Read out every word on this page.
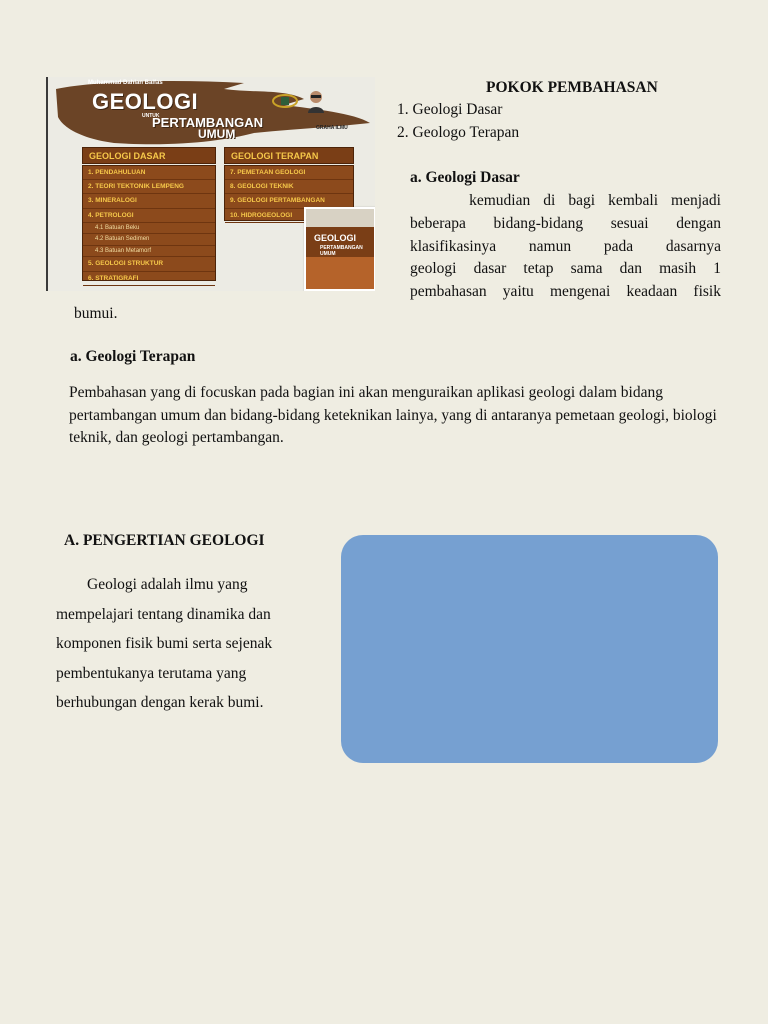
Muhammad Dahlan Balfas
GEOLOGI
UNTUK
PERTAMBANGAN
UMUM	GRAHA ILMU
GEOLOGI DASAR
1. PENDAHULUAN
2. TEORI TEKTONIK LEMPENG
3. MINERALOGI
4. PETROLOGI
4.1 Batuan Beku
4.2 Batuan Sedimen
4.3 Batuan Metamorf
5. GEOLOGI STRUKTUR
6. STRATIGRAFI
GEOLOGI TERAPAN
7. PEMETAAN GEOLOGI
8. GEOLOGI TEKNIK
9. GEOLOGI PERTAMBANGAN
10. HIDROGEOLOGI
GEOLOGI
PERTAMBANGAN UMUM
POKOK PEMBAHASAN
1. Geologi Dasar
2. Geologo Terapan
a. Geologi Dasar
kemudian di bagi kembali menjadi
beberapa bidang-bidang sesuai dengan
klasifikasinya namun pada dasarnya
geologi dasar tetap sama dan masih 1
pembahasan yaitu mengenai keadaan fisik
bumui.
a. Geologi Terapan
Pembahasan yang di focuskan pada bagian ini akan menguraikan aplikasi geologi dalam bidang pertambangan umum dan bidang-bidang keteknikan lainya, yang di antaranya pemetaan geologi, biologi teknik, dan geologi pertambangan.
A. PENGERTIAN GEOLOGI
Geologi adalah ilmu yang
mempelajari tentang dinamika dan
komponen fisik bumi serta sejenak
pembentukanya terutama yang
berhubungan dengan kerak bumi.
